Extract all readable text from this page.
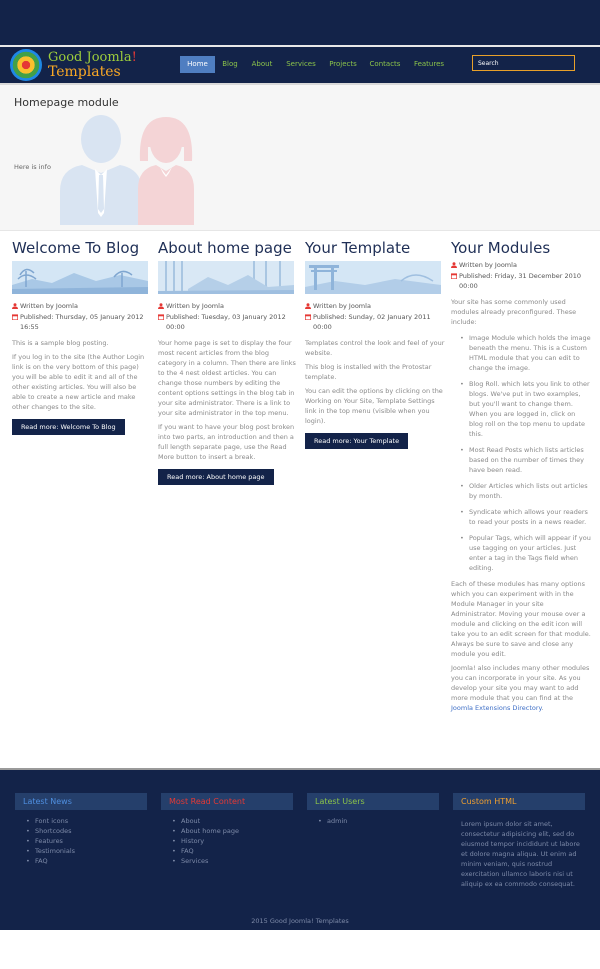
Good Joomla!
Templates	Home	Blog	About	Services	Projects	Contacts	Features
Search
Homepage module
Here is info
Welcome To Blog
Written by Joomla
Published: Thursday, 05 January 2012 16:55

This is a sample blog posting.

If you log in to the site (the Author Login link is on the very bottom of this page) you will be able to edit it and all of the other existing articles. You will also be able to create a new article and make other changes to the site.

Read more: Welcome To Blog
About home page
Written by Joomla
Published: Tuesday, 03 January 2012 00:00

Your home page is set to display the four most recent articles from the blog category in a column. Then there are links to the 4 nest oldest articles. You can change those numbers by editing the content options settings in the blog tab in your site administrator. There is a link to your site administrator in the top menu.

If you want to have your blog post broken into two parts, an introduction and then a full length separate page, use the Read More button to insert a break.

Read more: About home page
Your Template
Written by Joomla
Published: Sunday, 02 January 2011 00:00

Templates control the look and feel of your website.

This blog is installed with the Protostar template.

You can edit the options by clicking on the Working on Your Site, Template Settings link in the top menu (visible when you login).

Read more: Your Template
Your Modules
Written by Joomla
Published: Friday, 31 December 2010 00:00

Your site has some commonly used modules already preconfigured. These include:

• Image Module which holds the image beneath the menu. This is a Custom HTML module that you can edit to change the image.
• Blog Roll. which lets you link to other blogs. We've put in two examples, but you'll want to change them. When you are logged in, click on blog roll on the top menu to update this.
• Most Read Posts which lists articles based on the number of times they have been read.
• Older Articles which lists out articles by month.
• Syndicate which allows your readers to read your posts in a news reader.
• Popular Tags, which will appear if you use tagging on your articles. Just enter a tag in the Tags field when editing.

Each of these modules has many options which you can experiment with in the Module Manager in your site Administrator. Moving your mouse over a module and clicking on the edit icon will take you to an edit screen for that module. Always be sure to save and close any module you edit.

Joomla! also includes many other modules you can incorporate in your site. As you develop your site you may want to add more module that you can find at the Joomla Extensions Directory.

Latest News
• Font icons
• Shortcodes
• Features
• Testimonials
• FAQ
Most Read Content
• About
• About home page
• History
• FAQ
• Services
Latest Users
• admin
Custom HTML

Lorem ipsum dolor sit amet, consectetur adipisicing elit, sed do eiusmod tempor incididunt ut labore et dolore magna aliqua. Ut enim ad minim veniam, quis nostrud exercitation ullamco laboris nisi ut aliquip ex ea commodo consequat.

2015 Good Joomla! Templates
